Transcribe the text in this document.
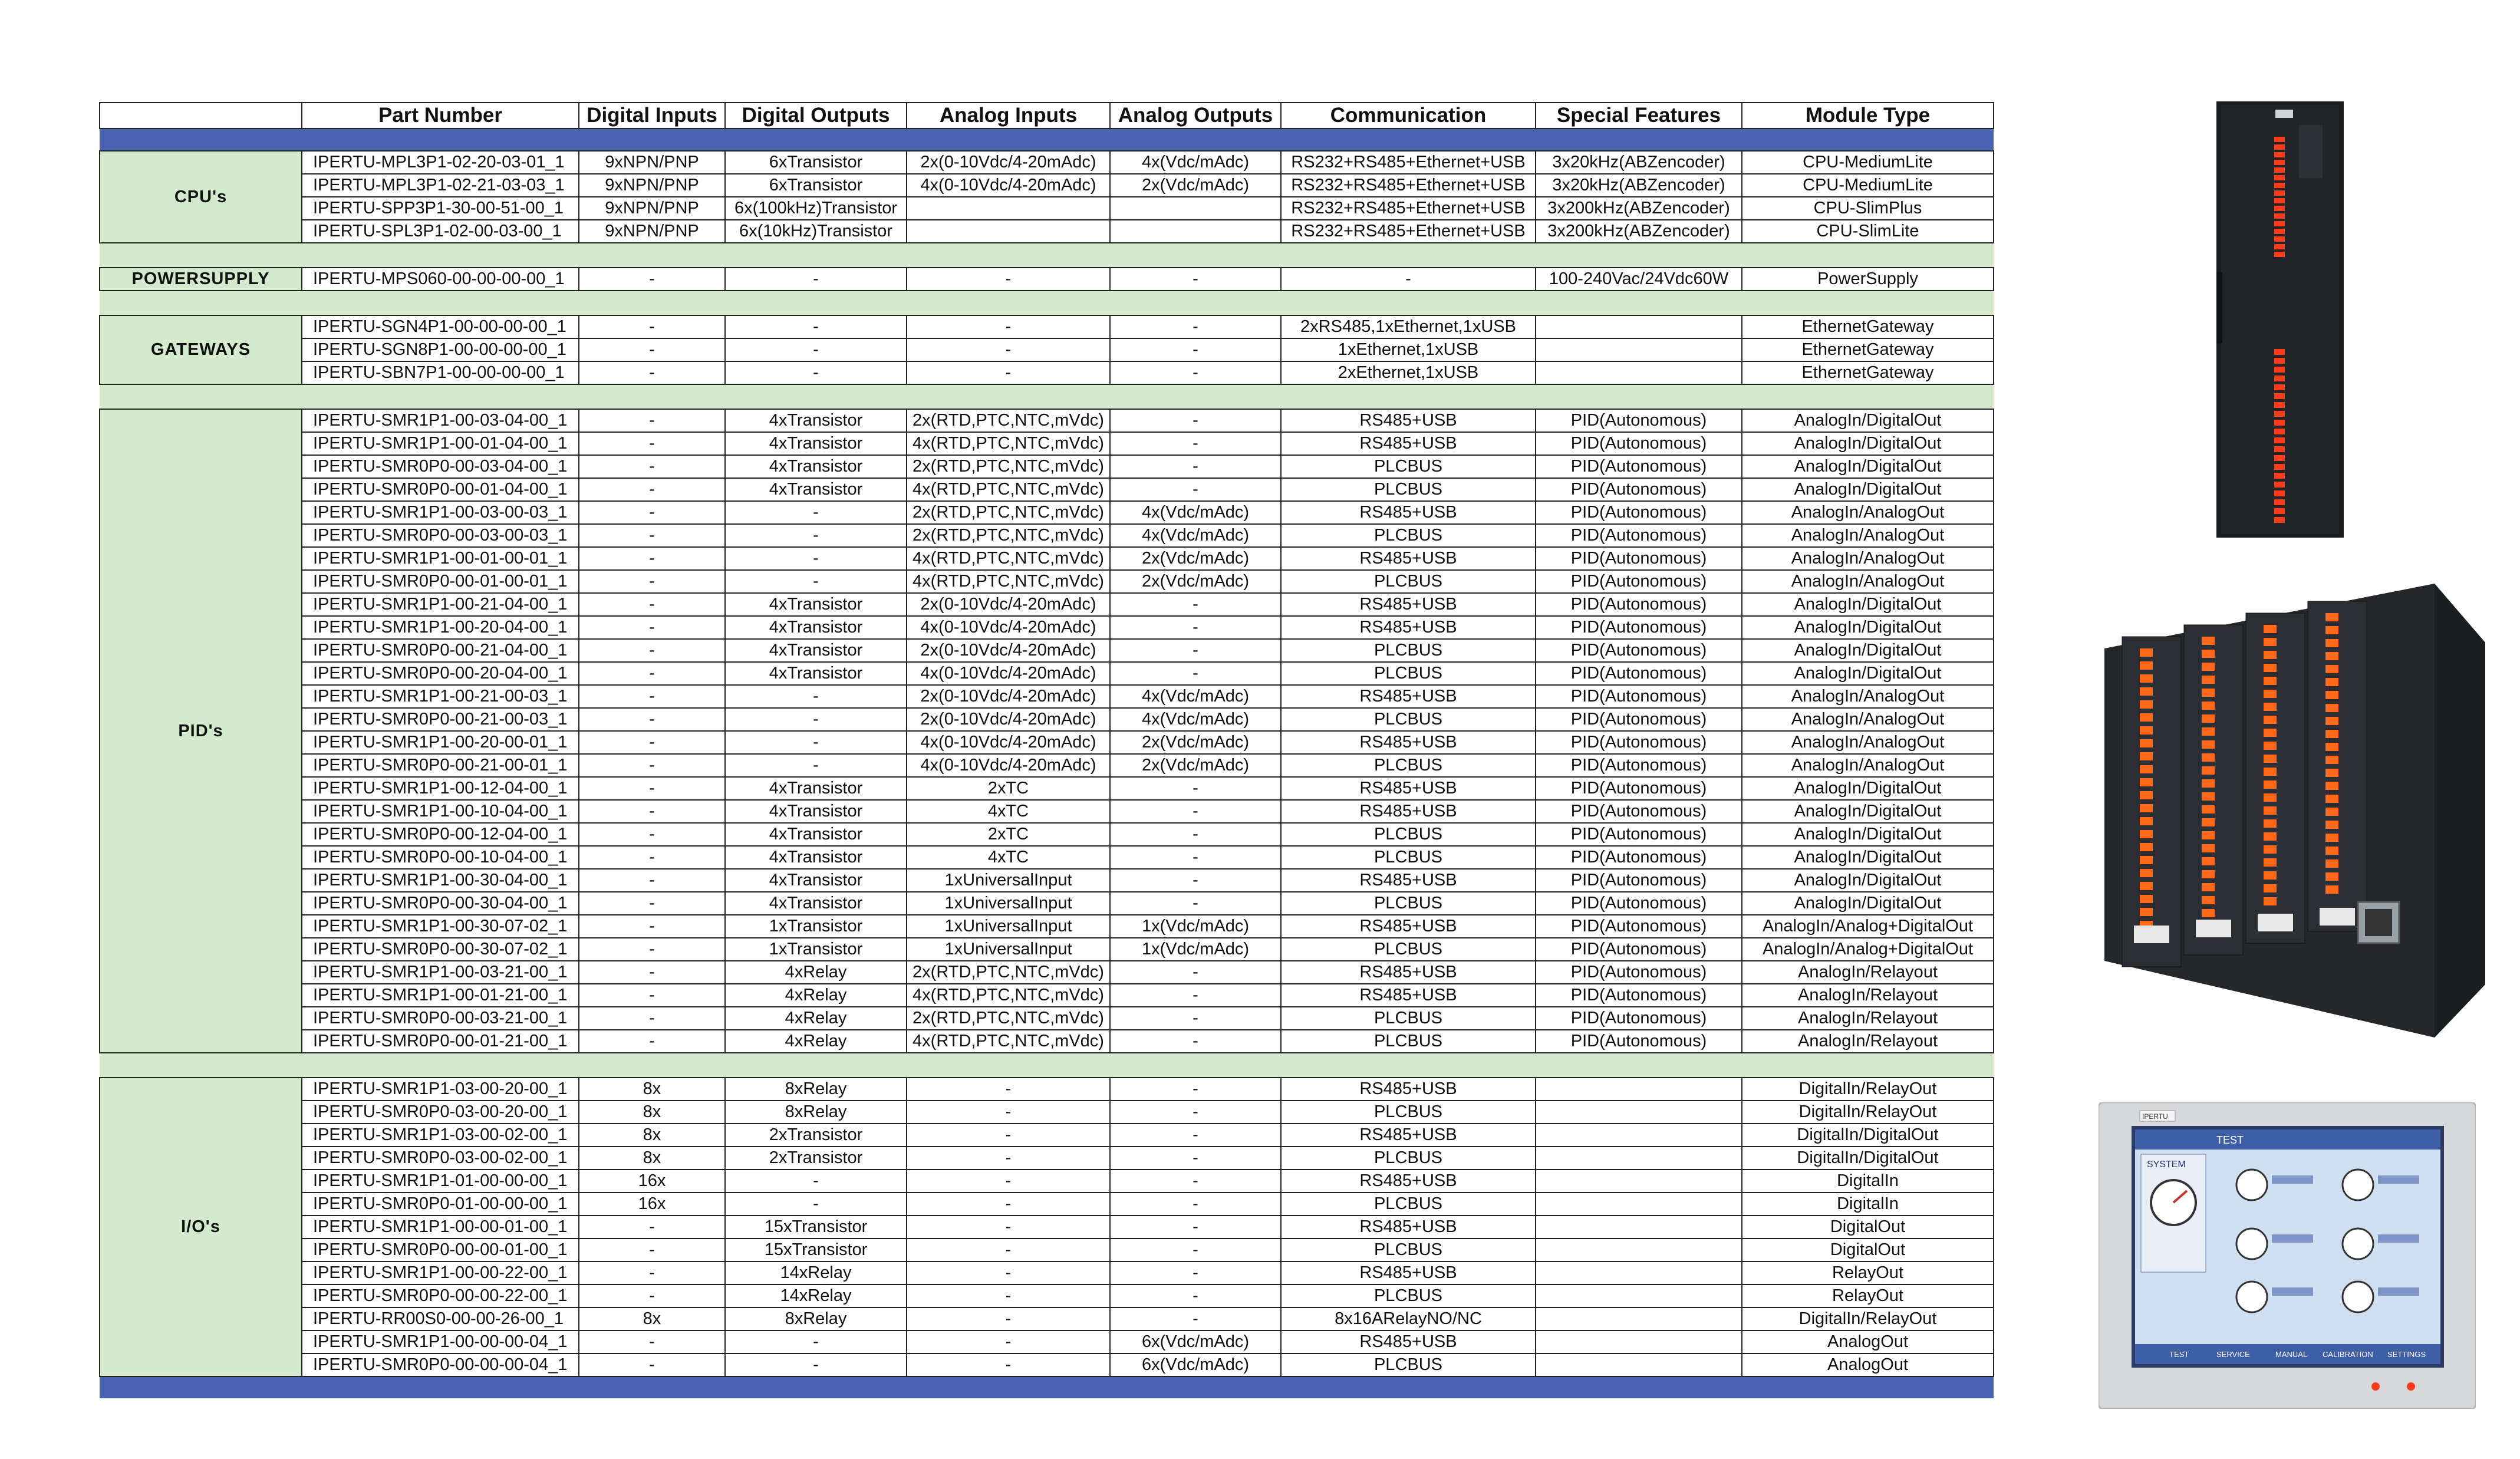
	Part Number	Digital Inputs	Digital Outputs	Analog Inputs	Analog Outputs	Communication	Special Features	Module Type

CPU's	IPERTU-MPL3P1-02-20-03-01_1	9xNPN/PNP	6xTransistor	2x(0-10Vdc/4-20mAdc)	4x(Vdc/mAdc)	RS232+RS485+Ethernet+USB	3x20kHz(ABZencoder)	CPU-MediumLite
	IPERTU-MPL3P1-02-21-03-03_1	9xNPN/PNP	6xTransistor	4x(0-10Vdc/4-20mAdc)	2x(Vdc/mAdc)	RS232+RS485+Ethernet+USB	3x20kHz(ABZencoder)	CPU-MediumLite
	IPERTU-SPP3P1-30-00-51-00_1	9xNPN/PNP	6x(100kHz)Transistor			RS232+RS485+Ethernet+USB	3x200kHz(ABZencoder)	CPU-SlimPlus
	IPERTU-SPL3P1-02-00-03-00_1	9xNPN/PNP	6x(10kHz)Transistor			RS232+RS485+Ethernet+USB	3x200kHz(ABZencoder)	CPU-SlimLite

POWERSUPPLY	IPERTU-MPS060-00-00-00-00_1	-	-	-	-	-	100-240Vac/24Vdc60W	PowerSupply

GATEWAYS	IPERTU-SGN4P1-00-00-00-00_1	-	-	-	-	2xRS485,1xEthernet,1xUSB		EthernetGateway
	IPERTU-SGN8P1-00-00-00-00_1	-	-	-	-	1xEthernet,1xUSB		EthernetGateway
	IPERTU-SBN7P1-00-00-00-00_1	-	-	-	-	2xEthernet,1xUSB		EthernetGateway

PID's	IPERTU-SMR1P1-00-03-04-00_1	-	4xTransistor	2x(RTD,PTC,NTC,mVdc)	-	RS485+USB	PID(Autonomous)	AnalogIn/DigitalOut
	IPERTU-SMR1P1-00-01-04-00_1	-	4xTransistor	4x(RTD,PTC,NTC,mVdc)	-	RS485+USB	PID(Autonomous)	AnalogIn/DigitalOut
	IPERTU-SMR0P0-00-03-04-00_1	-	4xTransistor	2x(RTD,PTC,NTC,mVdc)	-	PLCBUS	PID(Autonomous)	AnalogIn/DigitalOut
	IPERTU-SMR0P0-00-01-04-00_1	-	4xTransistor	4x(RTD,PTC,NTC,mVdc)	-	PLCBUS	PID(Autonomous)	AnalogIn/DigitalOut
	IPERTU-SMR1P1-00-03-00-03_1	-	-	2x(RTD,PTC,NTC,mVdc)	4x(Vdc/mAdc)	RS485+USB	PID(Autonomous)	AnalogIn/AnalogOut
	IPERTU-SMR0P0-00-03-00-03_1	-	-	2x(RTD,PTC,NTC,mVdc)	4x(Vdc/mAdc)	PLCBUS	PID(Autonomous)	AnalogIn/AnalogOut
	IPERTU-SMR1P1-00-01-00-01_1	-	-	4x(RTD,PTC,NTC,mVdc)	2x(Vdc/mAdc)	RS485+USB	PID(Autonomous)	AnalogIn/AnalogOut
	IPERTU-SMR0P0-00-01-00-01_1	-	-	4x(RTD,PTC,NTC,mVdc)	2x(Vdc/mAdc)	PLCBUS	PID(Autonomous)	AnalogIn/AnalogOut
	IPERTU-SMR1P1-00-21-04-00_1	-	4xTransistor	2x(0-10Vdc/4-20mAdc)	-	RS485+USB	PID(Autonomous)	AnalogIn/DigitalOut
	IPERTU-SMR1P1-00-20-04-00_1	-	4xTransistor	4x(0-10Vdc/4-20mAdc)	-	RS485+USB	PID(Autonomous)	AnalogIn/DigitalOut
	IPERTU-SMR0P0-00-21-04-00_1	-	4xTransistor	2x(0-10Vdc/4-20mAdc)	-	PLCBUS	PID(Autonomous)	AnalogIn/DigitalOut
	IPERTU-SMR0P0-00-20-04-00_1	-	4xTransistor	4x(0-10Vdc/4-20mAdc)	-	PLCBUS	PID(Autonomous)	AnalogIn/DigitalOut
	IPERTU-SMR1P1-00-21-00-03_1	-	-	2x(0-10Vdc/4-20mAdc)	4x(Vdc/mAdc)	RS485+USB	PID(Autonomous)	AnalogIn/AnalogOut
	IPERTU-SMR0P0-00-21-00-03_1	-	-	2x(0-10Vdc/4-20mAdc)	4x(Vdc/mAdc)	PLCBUS	PID(Autonomous)	AnalogIn/AnalogOut
	IPERTU-SMR1P1-00-20-00-01_1	-	-	4x(0-10Vdc/4-20mAdc)	2x(Vdc/mAdc)	RS485+USB	PID(Autonomous)	AnalogIn/AnalogOut
	IPERTU-SMR0P0-00-21-00-01_1	-	-	4x(0-10Vdc/4-20mAdc)	2x(Vdc/mAdc)	PLCBUS	PID(Autonomous)	AnalogIn/AnalogOut
	IPERTU-SMR1P1-00-12-04-00_1	-	4xTransistor	2xTC	-	RS485+USB	PID(Autonomous)	AnalogIn/DigitalOut
	IPERTU-SMR1P1-00-10-04-00_1	-	4xTransistor	4xTC	-	RS485+USB	PID(Autonomous)	AnalogIn/DigitalOut
	IPERTU-SMR0P0-00-12-04-00_1	-	4xTransistor	2xTC	-	PLCBUS	PID(Autonomous)	AnalogIn/DigitalOut
	IPERTU-SMR0P0-00-10-04-00_1	-	4xTransistor	4xTC	-	PLCBUS	PID(Autonomous)	AnalogIn/DigitalOut
	IPERTU-SMR1P1-00-30-04-00_1	-	4xTransistor	1xUniversalInput	-	RS485+USB	PID(Autonomous)	AnalogIn/DigitalOut
	IPERTU-SMR0P0-00-30-04-00_1	-	4xTransistor	1xUniversalInput	-	PLCBUS	PID(Autonomous)	AnalogIn/DigitalOut
	IPERTU-SMR1P1-00-30-07-02_1	-	1xTransistor	1xUniversalInput	1x(Vdc/mAdc)	RS485+USB	PID(Autonomous)	AnalogIn/Analog+DigitalOut
	IPERTU-SMR0P0-00-30-07-02_1	-	1xTransistor	1xUniversalInput	1x(Vdc/mAdc)	PLCBUS	PID(Autonomous)	AnalogIn/Analog+DigitalOut
	IPERTU-SMR1P1-00-03-21-00_1	-	4xRelay	2x(RTD,PTC,NTC,mVdc)	-	RS485+USB	PID(Autonomous)	AnalogIn/Relayout
	IPERTU-SMR1P1-00-01-21-00_1	-	4xRelay	4x(RTD,PTC,NTC,mVdc)	-	RS485+USB	PID(Autonomous)	AnalogIn/Relayout
	IPERTU-SMR0P0-00-03-21-00_1	-	4xRelay	2x(RTD,PTC,NTC,mVdc)	-	PLCBUS	PID(Autonomous)	AnalogIn/Relayout
	IPERTU-SMR0P0-00-01-21-00_1	-	4xRelay	4x(RTD,PTC,NTC,mVdc)	-	PLCBUS	PID(Autonomous)	AnalogIn/Relayout

I/O's	IPERTU-SMR1P1-03-00-20-00_1	8x	8xRelay	-	-	RS485+USB		DigitalIn/RelayOut
	IPERTU-SMR0P0-03-00-20-00_1	8x	8xRelay	-	-	PLCBUS		DigitalIn/RelayOut
	IPERTU-SMR1P1-03-00-02-00_1	8x	2xTransistor	-	-	RS485+USB		DigitalIn/DigitalOut
	IPERTU-SMR0P0-03-00-02-00_1	8x	2xTransistor	-	-	PLCBUS		DigitalIn/DigitalOut
	IPERTU-SMR1P1-01-00-00-00_1	16x	-	-	-	RS485+USB		DigitalIn
	IPERTU-SMR0P0-01-00-00-00_1	16x	-	-	-	PLCBUS		DigitalIn
	IPERTU-SMR1P1-00-00-01-00_1	-	15xTransistor	-	-	RS485+USB		DigitalOut
	IPERTU-SMR0P0-00-00-01-00_1	-	15xTransistor	-	-	PLCBUS		DigitalOut
	IPERTU-SMR1P1-00-00-22-00_1	-	14xRelay	-	-	RS485+USB		RelayOut
	IPERTU-SMR0P0-00-00-22-00_1	-	14xRelay	-	-	PLCBUS		RelayOut
	IPERTU-RR00S0-00-00-26-00_1	8x	8xRelay	-	-	8x16ARelayNO/NC		DigitalIn/RelayOut
	IPERTU-SMR1P1-00-00-00-04_1	-	-	-	6x(Vdc/mAdc)	RS485+USB		AnalogOut
	IPERTU-SMR0P0-00-00-00-04_1	-	-	-	6x(Vdc/mAdc)	PLCBUS		AnalogOut

TEST
SYSTEM
TEST	SERVICE	MANUAL CALIBRATION SETTINGS
IPERTU
